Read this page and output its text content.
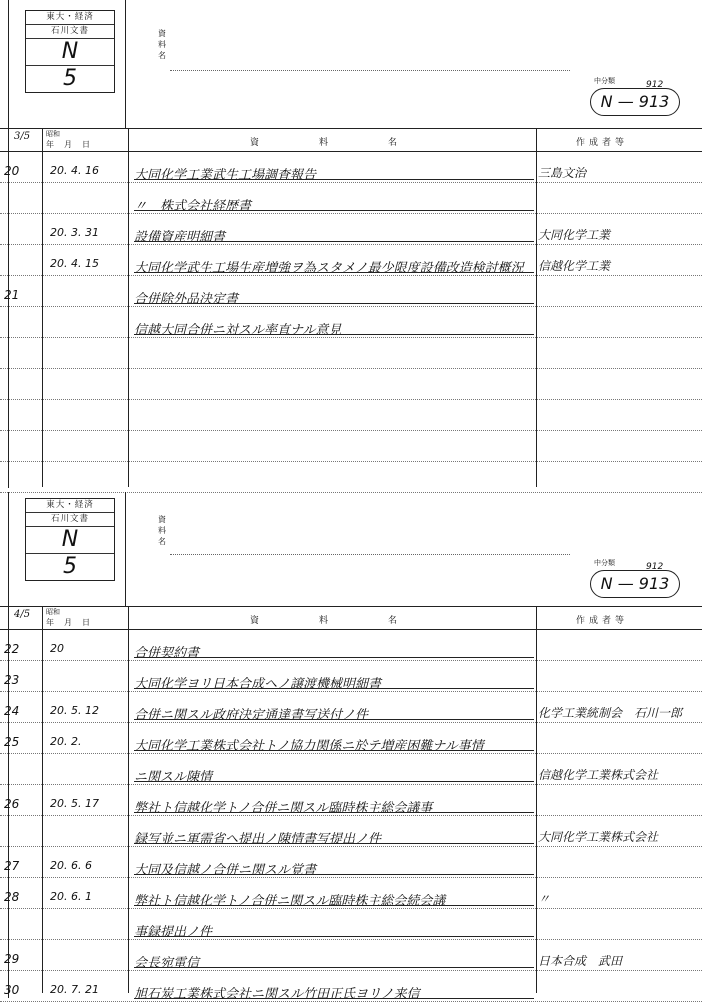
東大・経済
石川文書
N
5
資
料
名
中分類	912
N — 913
3/5 昭和
年月日	資料名	作成者等
20	20. 4. 16	大同化学工業武生工場調査報告	三島文治
〃　株式会社経歴書
20. 3. 31	設備資産明細書	大同化学工業
20. 4. 15	大同化学武生工場生産増強ヲ為スタメノ最少限度設備改造検討概況	信越化学工業
21	合併除外品決定書
信越大同合併ニ対スル率直ナル意見
東大・経済
石川文書
N
5
資
料
名
中分類	912
N — 913
4/5 昭和
年月日	資料名	作成者等
22	20	合併契約書
23	大同化学ヨリ日本合成ヘノ譲渡機械明細書
24	20. 5. 12	合併ニ関スル政府決定通達書写送付ノ件	化学工業統制会　石川一郎
25	20. 2.	大同化学工業株式会社トノ協力関係ニ於テ増産困難ナル事情
ニ関スル陳情	信越化学工業株式会社
26	20. 5. 17	弊社ト信越化学トノ合併ニ関スル臨時株主総会議事
録写並ニ軍需省ヘ提出ノ陳情書写提出ノ件	大同化学工業株式会社
27	20. 6. 6	大同及信越ノ合併ニ関スル覚書
28	20. 6. 1	弊社ト信越化学トノ合併ニ関スル臨時株主総会続会議	〃
事録提出ノ件
29	会長宛電信	日本合成　武田
30	20. 7. 21	旭石炭工業株式会社ニ関スル竹田正氏ヨリノ来信
